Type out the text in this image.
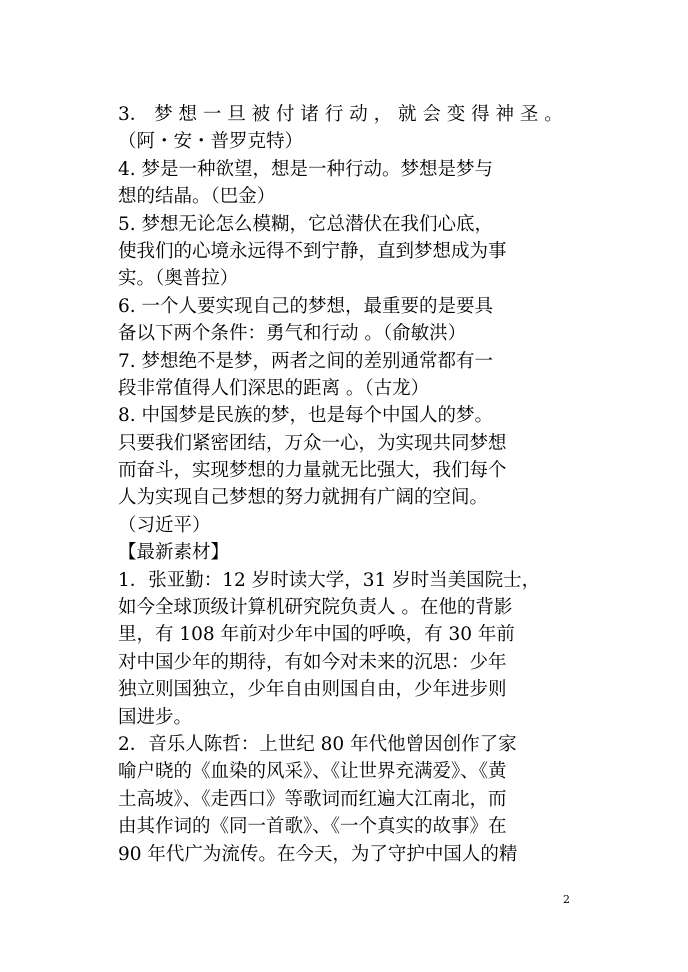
3． 梦 想 一 旦 被 付 诸 行 动 ， 就 会 变 得 神 圣 。
（阿・安・普罗克特）
4. 梦是一种欲望，想是一种行动。梦想是梦与
想的结晶。（巴金）
5. 梦想无论怎么模糊，它总潜伏在我们心底，
使我们的心境永远得不到宁静，直到梦想成为事
实。（奥普拉）
6. 一个人要实现自己的梦想，最重要的是要具
备以下两个条件：勇气和行动 。（俞敏洪）
7. 梦想绝不是梦，两者之间的差别通常都有一
段非常值得人们深思的距离 。（古龙）
8. 中国梦是民族的梦，也是每个中国人的梦。
只要我们紧密团结，万众一心，为实现共同梦想
而奋斗，实现梦想的力量就无比强大，我们每个
人为实现自己梦想的努力就拥有广阔的空间。
（习近平）
【最新素材】
1．张亚勤：12 岁时读大学，31 岁时当美国院士，
如今全球顶级计算机研究院负责人 。在他的背影
里，有 108 年前对少年中国的呼唤，有 30 年前
对中国少年的期待，有如今对未来的沉思：少年
独立则国独立，少年自由则国自由，少年进步则
国进步。
2．音乐人陈哲：上世纪 80 年代他曾因创作了家
喻户晓的《血染的风采》、《让世界充满爱》、《黄
土高坡》、《走西口》等歌词而红遍大江南北，而
由其作词的《同一首歌》、《一个真实的故事》在
90 年代广为流传。在今天，为了守护中国人的精
2
